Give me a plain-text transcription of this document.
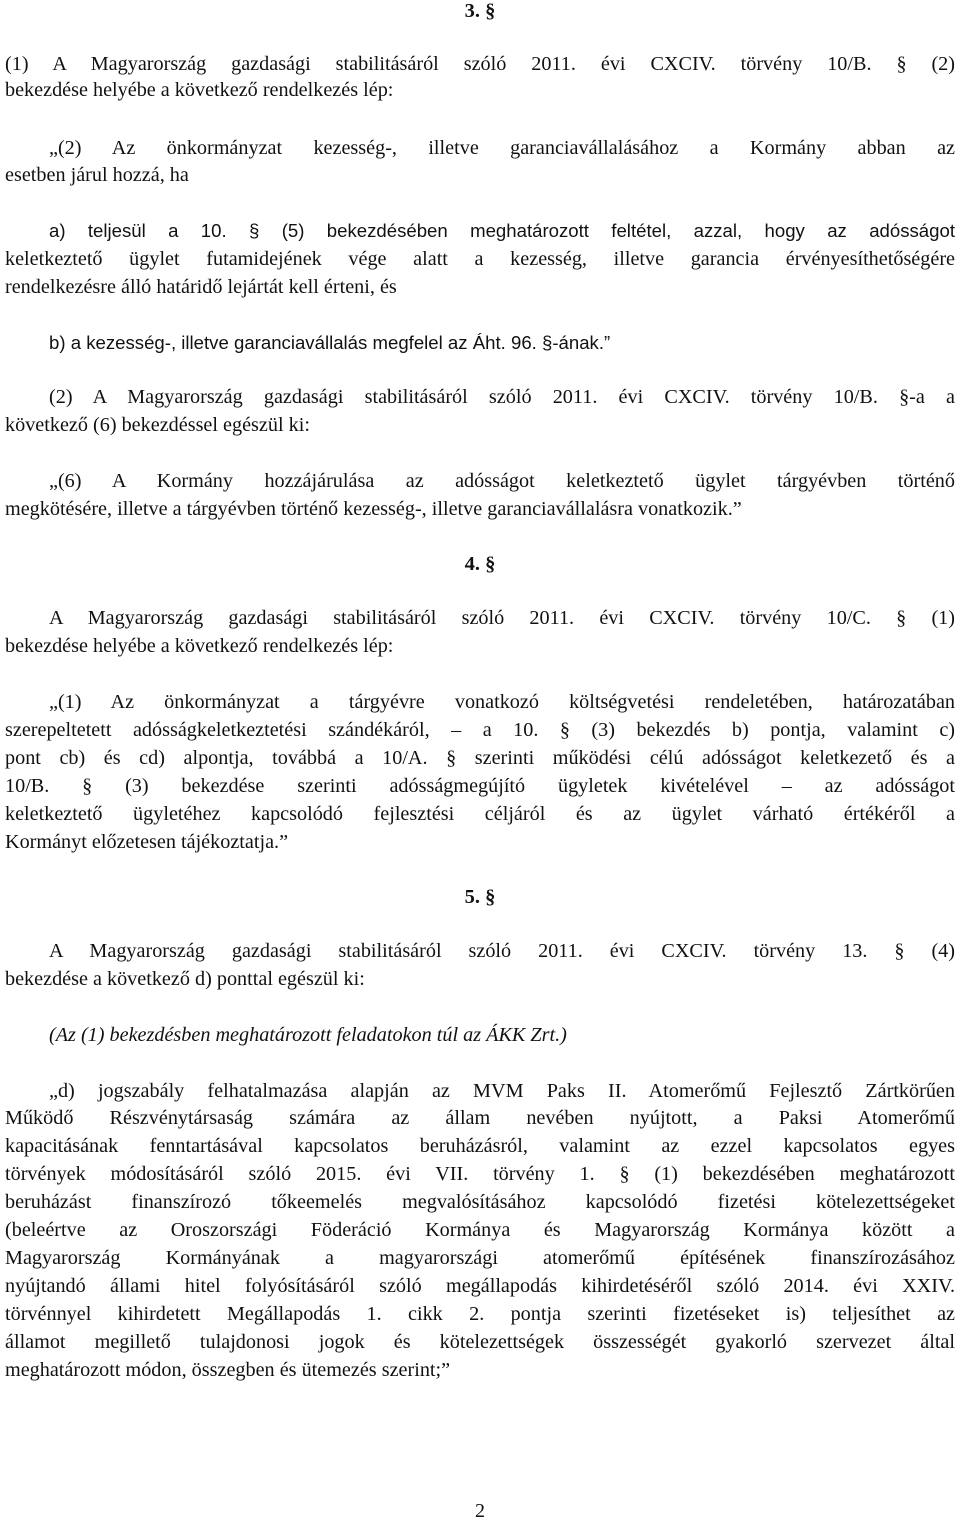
3. §
(1) A Magyarország gazdasági stabilitásáról szóló 2011. évi CXCIV. törvény 10/B. § (2)
bekezdése helyébe a következő rendelkezés lép:
„(2) Az önkormányzat kezesség-, illetve garanciavállalásához a Kormány abban az
esetben járul hozzá, ha
a) teljesül a 10. § (5) bekezdésében meghatározott feltétel, azzal, hogy az adósságot
keletkeztető ügylet futamidejének vége alatt a kezesség, illetve garancia érvényesíthetőségére
rendelkezésre álló határidő lejártát kell érteni, és
b) a kezesség-, illetve garanciavállalás megfelel az Áht. 96. §-ának.”
(2) A Magyarország gazdasági stabilitásáról szóló 2011. évi CXCIV. törvény 10/B. §-a a
következő (6) bekezdéssel egészül ki:
„(6) A Kormány hozzájárulása az adósságot keletkeztető ügylet tárgyévben történő
megkötésére, illetve a tárgyévben történő kezesség-, illetve garanciavállalásra vonatkozik.”
4. §
A Magyarország gazdasági stabilitásáról szóló 2011. évi CXCIV. törvény 10/C. § (1)
bekezdése helyébe a következő rendelkezés lép:
„(1) Az önkormányzat a tárgyévre vonatkozó költségvetési rendeletében, határozatában
szerepeltetett adósságkeletkeztetési szándékáról, – a 10. § (3) bekezdés b) pontja, valamint c)
pont cb) és cd) alpontja, továbbá a 10/A. § szerinti működési célú adósságot keletkezető és a
10/B. § (3) bekezdése szerinti adósságmegújító ügyletek kivételével – az adósságot
keletkeztető ügyletéhez kapcsolódó fejlesztési céljáról és az ügylet várható értékéről a
Kormányt előzetesen tájékoztatja.”
5. §
A Magyarország gazdasági stabilitásáról szóló 2011. évi CXCIV. törvény 13. § (4)
bekezdése a következő d) ponttal egészül ki:
(Az (1) bekezdésben meghatározott feladatokon túl az ÁKK Zrt.)
„d) jogszabály felhatalmazása alapján az MVM Paks II. Atomerőmű Fejlesztő Zártkörűen
Működő Részvénytársaság számára az állam nevében nyújtott, a Paksi Atomerőmű
kapacitásának fenntartásával kapcsolatos beruházásról, valamint az ezzel kapcsolatos egyes
törvények módosításáról szóló 2015. évi VII. törvény 1. § (1) bekezdésében meghatározott
beruházást finanszírozó tőkeemelés megvalósításához kapcsolódó fizetési kötelezettségeket
(beleértve az Oroszországi Föderáció Kormánya és Magyarország Kormánya között a
Magyarország Kormányának a magyarországi atomerőmű építésének finanszírozásához
nyújtandó állami hitel folyósításáról szóló megállapodás kihirdetéséről szóló 2014. évi XXIV.
törvénnyel kihirdetett Megállapodás 1. cikk 2. pontja szerinti fizetéseket is) teljesíthet az
államot megillető tulajdonosi jogok és kötelezettségek összességét gyakorló szervezet által
meghatározott módon, összegben és ütemezés szerint;”
2
